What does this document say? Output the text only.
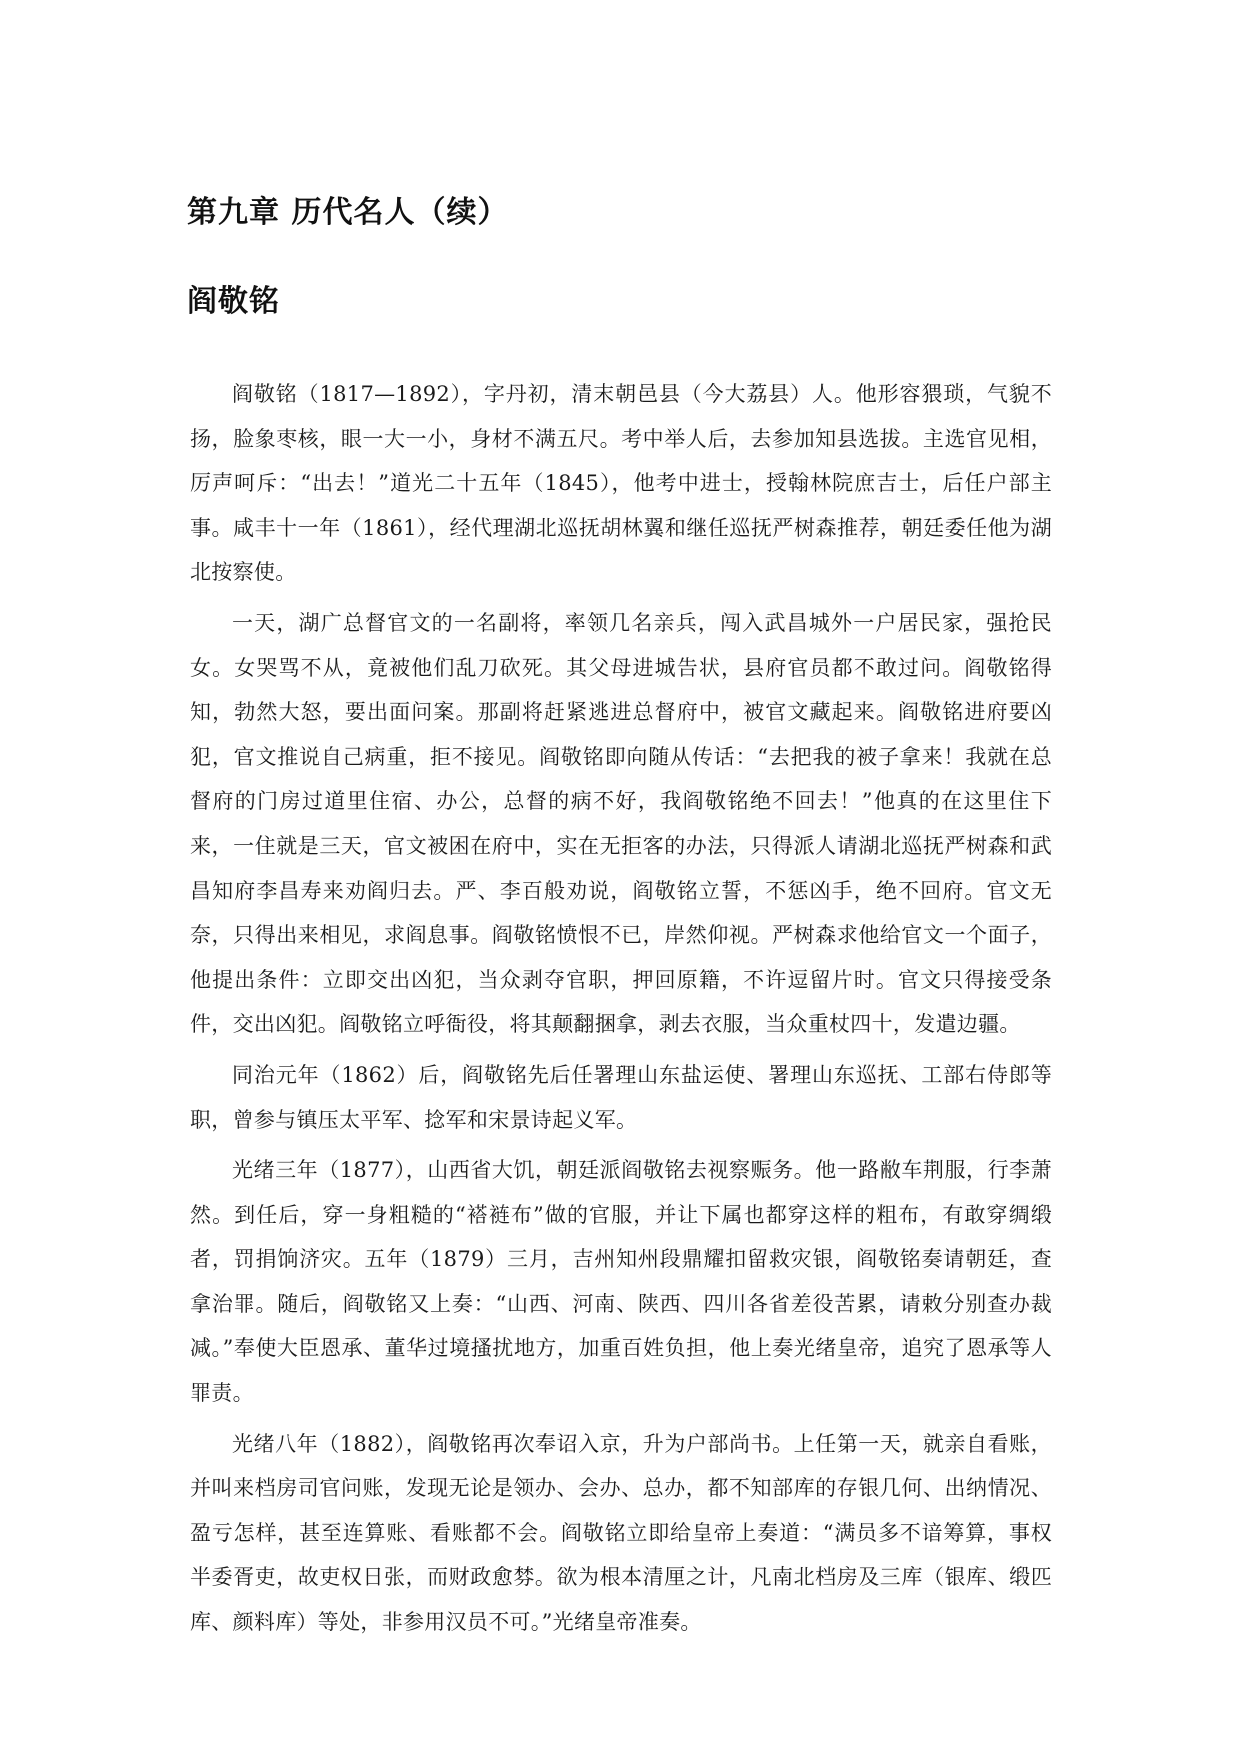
第九章 历代名人（续）
阎敬铭

阎敬铭（1817—1892），字丹初，清末朝邑县（今大荔县）人。他形容猥琐，气貌不扬，脸象枣核，眼一大一小，身材不满五尺。考中举人后，去参加知县选拔。主选官见相，厉声呵斥：“出去！”道光二十五年（1845），他考中进士，授翰林院庶吉士，后任户部主事。咸丰十一年（1861），经代理湖北巡抚胡林翼和继任巡抚严树森推荐，朝廷委任他为湖北按察使。

一天，湖广总督官文的一名副将，率领几名亲兵，闯入武昌城外一户居民家，强抢民女。女哭骂不从，竟被他们乱刀砍死。其父母进城告状，县府官员都不敢过问。阎敬铭得知，勃然大怒，要出面问案。那副将赶紧逃进总督府中，被官文藏起来。阎敬铭进府要凶犯，官文推说自己病重，拒不接见。阎敬铭即向随从传话：“去把我的被子拿来！我就在总督府的门房过道里住宿、办公，总督的病不好，我阎敬铭绝不回去！”他真的在这里住下来，一住就是三天，官文被困在府中，实在无拒客的办法，只得派人请湖北巡抚严树森和武昌知府李昌寿来劝阎归去。严、李百般劝说，阎敬铭立誓，不惩凶手，绝不回府。官文无奈，只得出来相见，求阎息事。阎敬铭愤恨不已，岸然仰视。严树森求他给官文一个面子，他提出条件：立即交出凶犯，当众剥夺官职，押回原籍，不许逗留片时。官文只得接受条件，交出凶犯。阎敬铭立呼衙役，将其颠翻捆拿，剥去衣服，当众重杖四十，发遣边疆。

同治元年（1862）后，阎敬铭先后任署理山东盐运使、署理山东巡抚、工部右侍郎等职，曾参与镇压太平军、捻军和宋景诗起义军。

光绪三年（1877），山西省大饥，朝廷派阎敬铭去视察赈务。他一路敝车荆服，行李萧然。到任后，穿一身粗糙的“褡裢布”做的官服，并让下属也都穿这样的粗布，有敢穿绸缎者，罚捐饷济灾。五年（1879）三月，吉州知州段鼎耀扣留救灾银，阎敬铭奏请朝廷，查拿治罪。随后，阎敬铭又上奏：“山西、河南、陕西、四川各省差役苦累，请敕分别查办裁减。”奉使大臣恩承、董华过境搔扰地方，加重百姓负担，他上奏光绪皇帝，追究了恩承等人罪责。

光绪八年（1882），阎敬铭再次奉诏入京，升为户部尚书。上任第一天，就亲自看账，并叫来档房司官问账，发现无论是领办、会办、总办，都不知部库的存银几何、出纳情况、盈亏怎样，甚至连算账、看账都不会。阎敬铭立即给皇帝上奏道：“满员多不谙筹算，事权半委胥吏，故吏权日张，而财政愈棼。欲为根本清厘之计，凡南北档房及三库（银库、缎匹库、颜料库）等处，非参用汉员不可。”光绪皇帝准奏。
